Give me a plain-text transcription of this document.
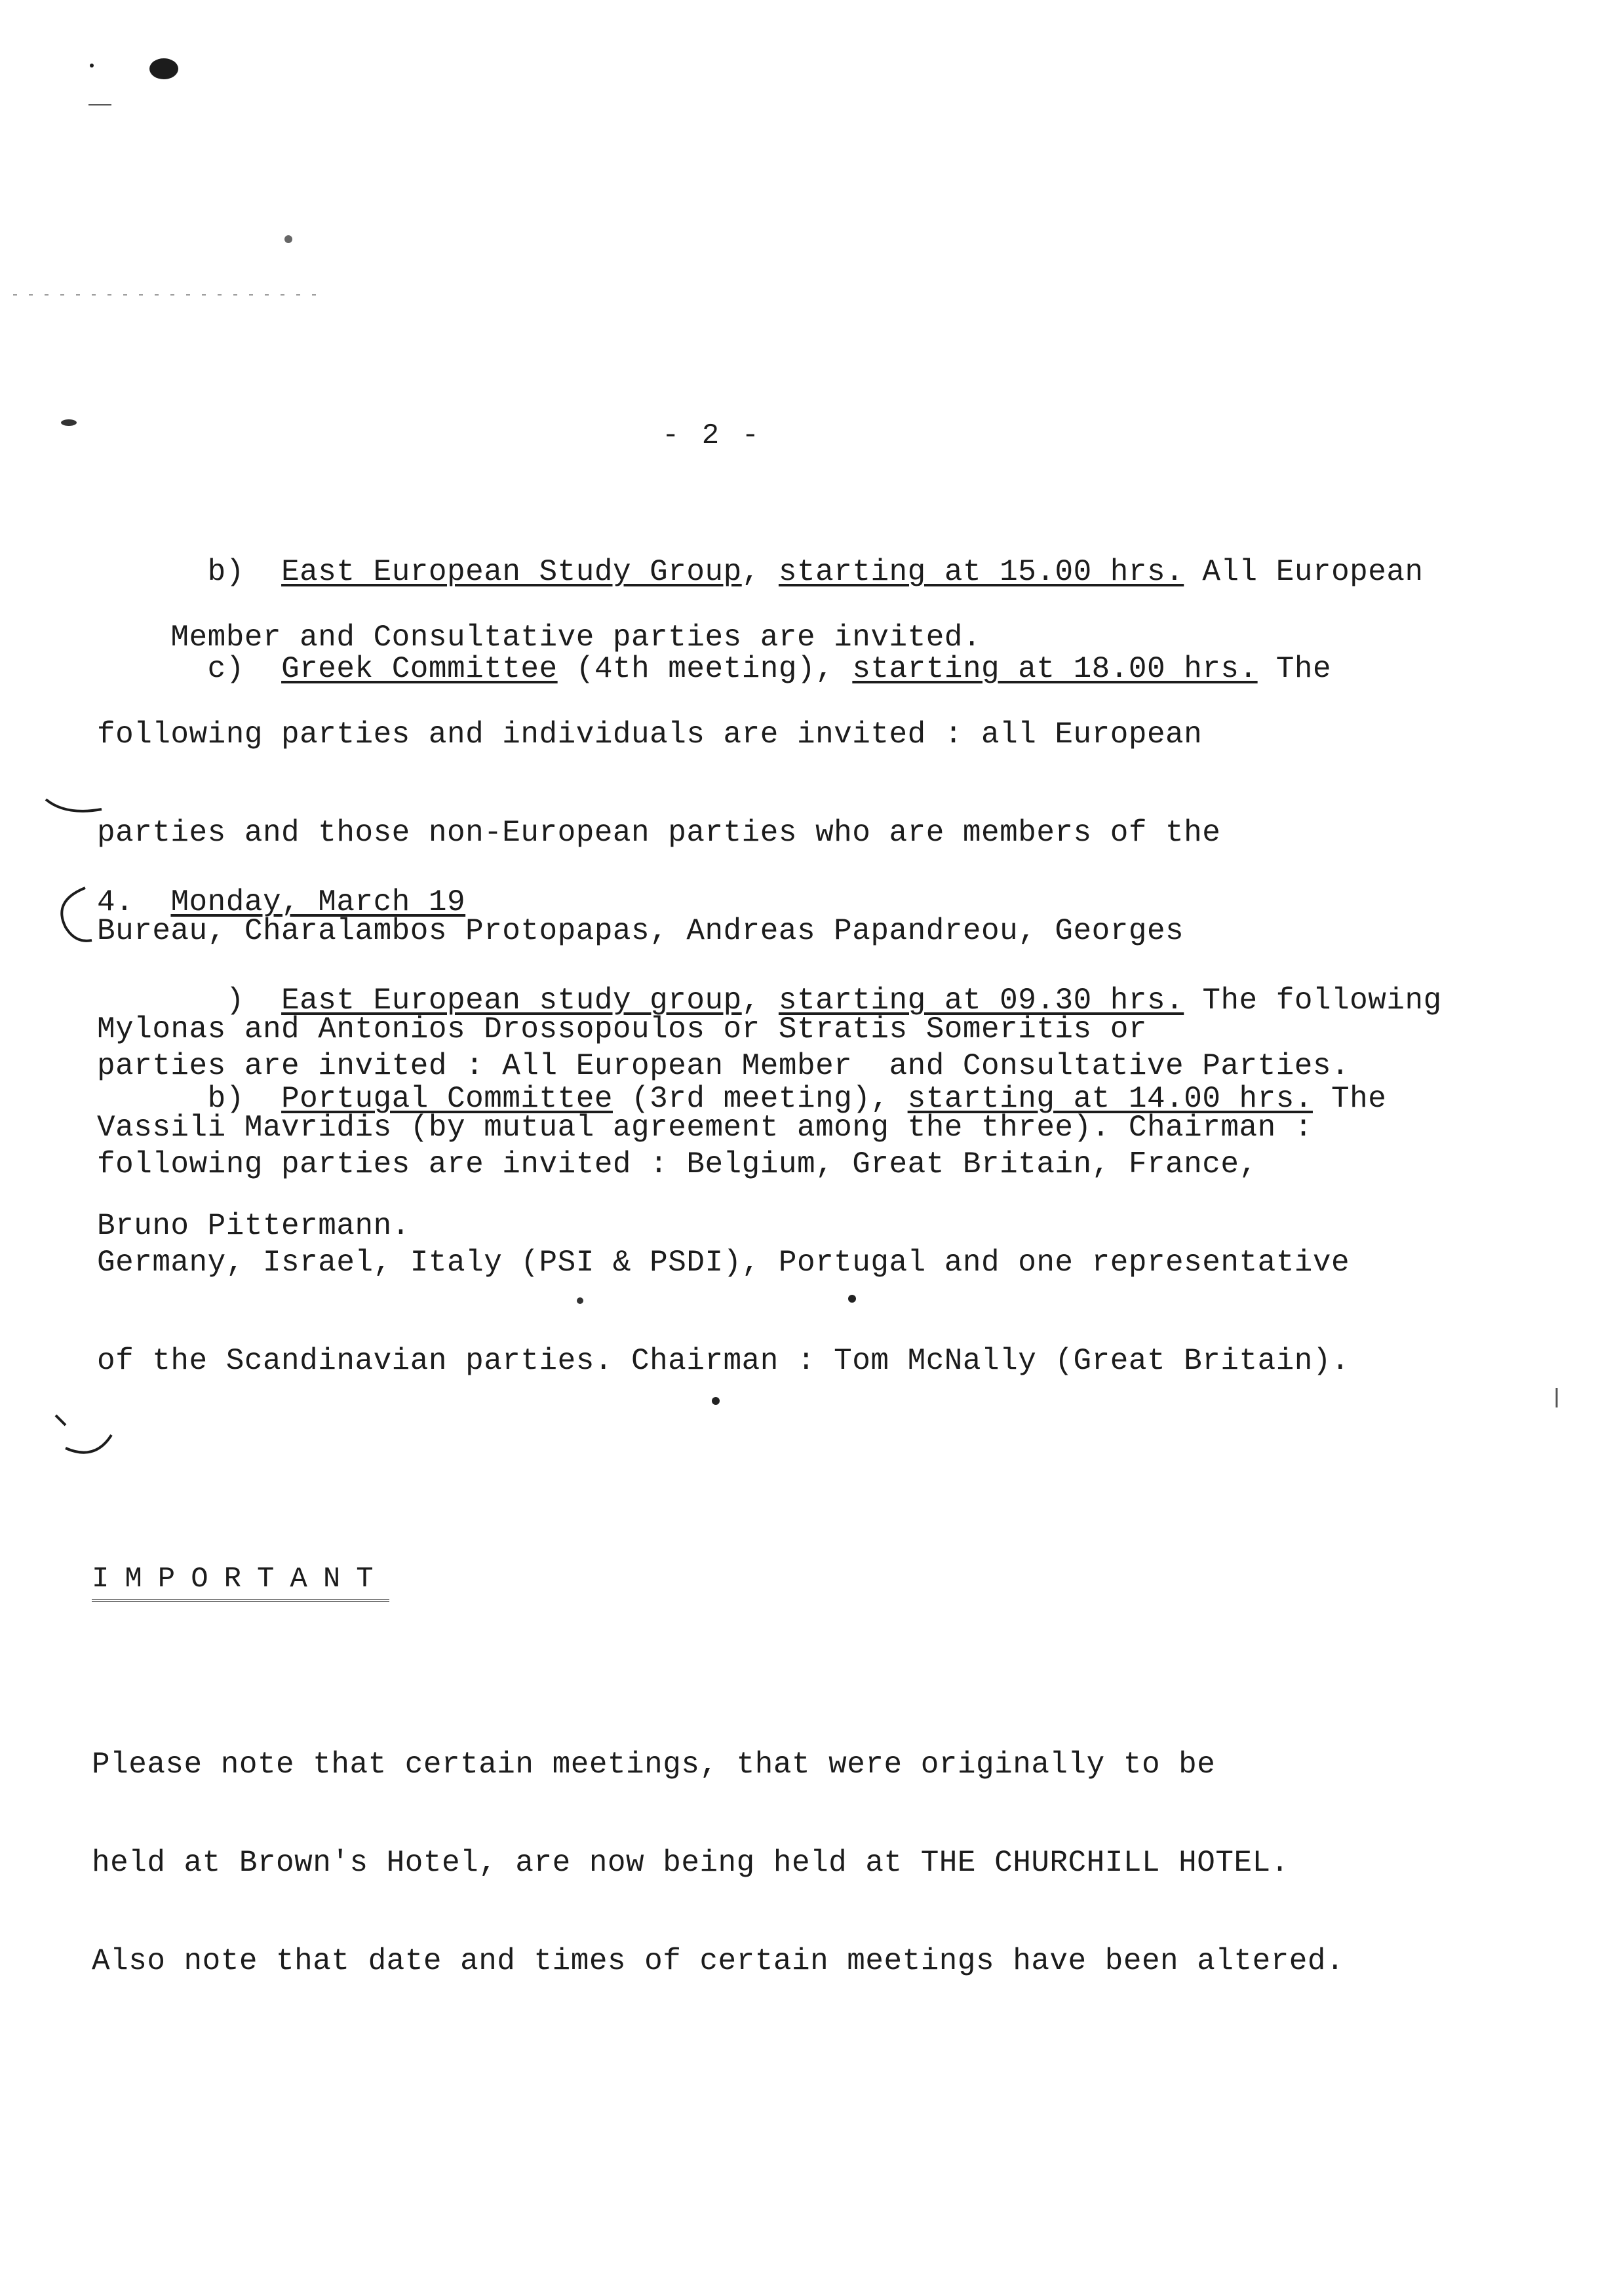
- 2 -

b) East European Study Group, starting at 15.00 hrs. All European

Member and Consultative parties are invited.

c) Greek Committee (4th meeting), starting at 18.00 hrs. The

following parties and individuals are invited : all European

parties and those non-European parties who are members of the

Bureau, Charalambos Protopapas, Andreas Papandreou, Georges

Mylonas and Antonios Drossopoulos or Stratis Someritis or

Vassili Mavridis (by mutual agreement among the three). Chairman :

Bruno Pittermann.

4. Monday, March 19

) East European study group, starting at 09.30 hrs. The following

parties are invited : All European Member  and Consultative Parties.

b) Portugal Committee (3rd meeting), starting at 14.00 hrs. The

following parties are invited : Belgium, Great Britain, France,

Germany, Israel, Italy (PSI & PSDI), Portugal and one representative

of the Scandinavian parties. Chairman : Tom McNally (Great Britain).

IMPORTANT

Please note that certain meetings, that were originally to be

held at Brown's Hotel, are now being held at THE CHURCHILL HOTEL.

Also note that date and times of certain meetings have been altered.
